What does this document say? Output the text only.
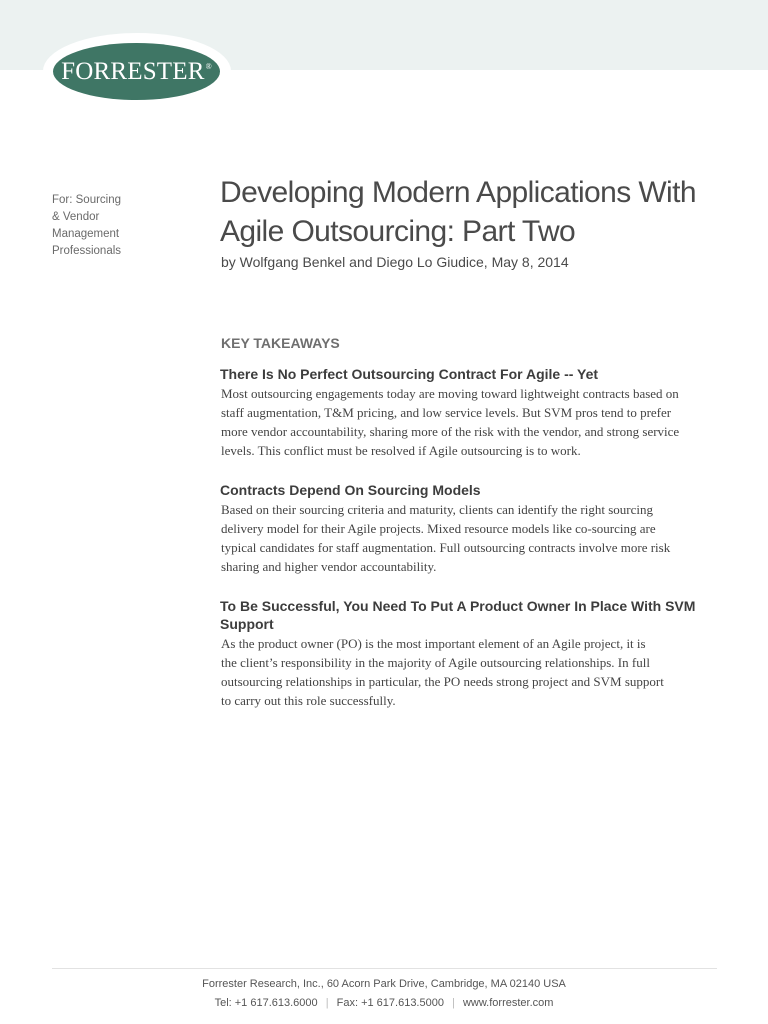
FORRESTER®
For: Sourcing
& Vendor
Management
Professionals
Developing Modern Applications With
Agile Outsourcing: Part Two
by Wolfgang Benkel and Diego Lo Giudice, May 8, 2014
KEY TAKEAWAYS
There Is No Perfect Outsourcing Contract For Agile -- Yet

Most outsourcing engagements today are moving toward lightweight contracts based on
staff augmentation, T&M pricing, and low service levels. But SVM pros tend to prefer
more vendor accountability, sharing more of the risk with the vendor, and strong service
levels. This conflict must be resolved if Agile outsourcing is to work.

Contracts Depend On Sourcing Models

Based on their sourcing criteria and maturity, clients can identify the right sourcing
delivery model for their Agile projects. Mixed resource models like co-sourcing are
typical candidates for staff augmentation. Full outsourcing contracts involve more risk
sharing and higher vendor accountability.

To Be Successful, You Need To Put A Product Owner In Place With SVM
Support

As the product owner (PO) is the most important element of an Agile project, it is
the client’s responsibility in the majority of Agile outsourcing relationships. In full
outsourcing relationships in particular, the PO needs strong project and SVM support
to carry out this role successfully.

Forrester Research, Inc., 60 Acorn Park Drive, Cambridge, MA 02140 USA
Tel: +1 617.613.6000 | Fax: +1 617.613.5000 | www.forrester.com
